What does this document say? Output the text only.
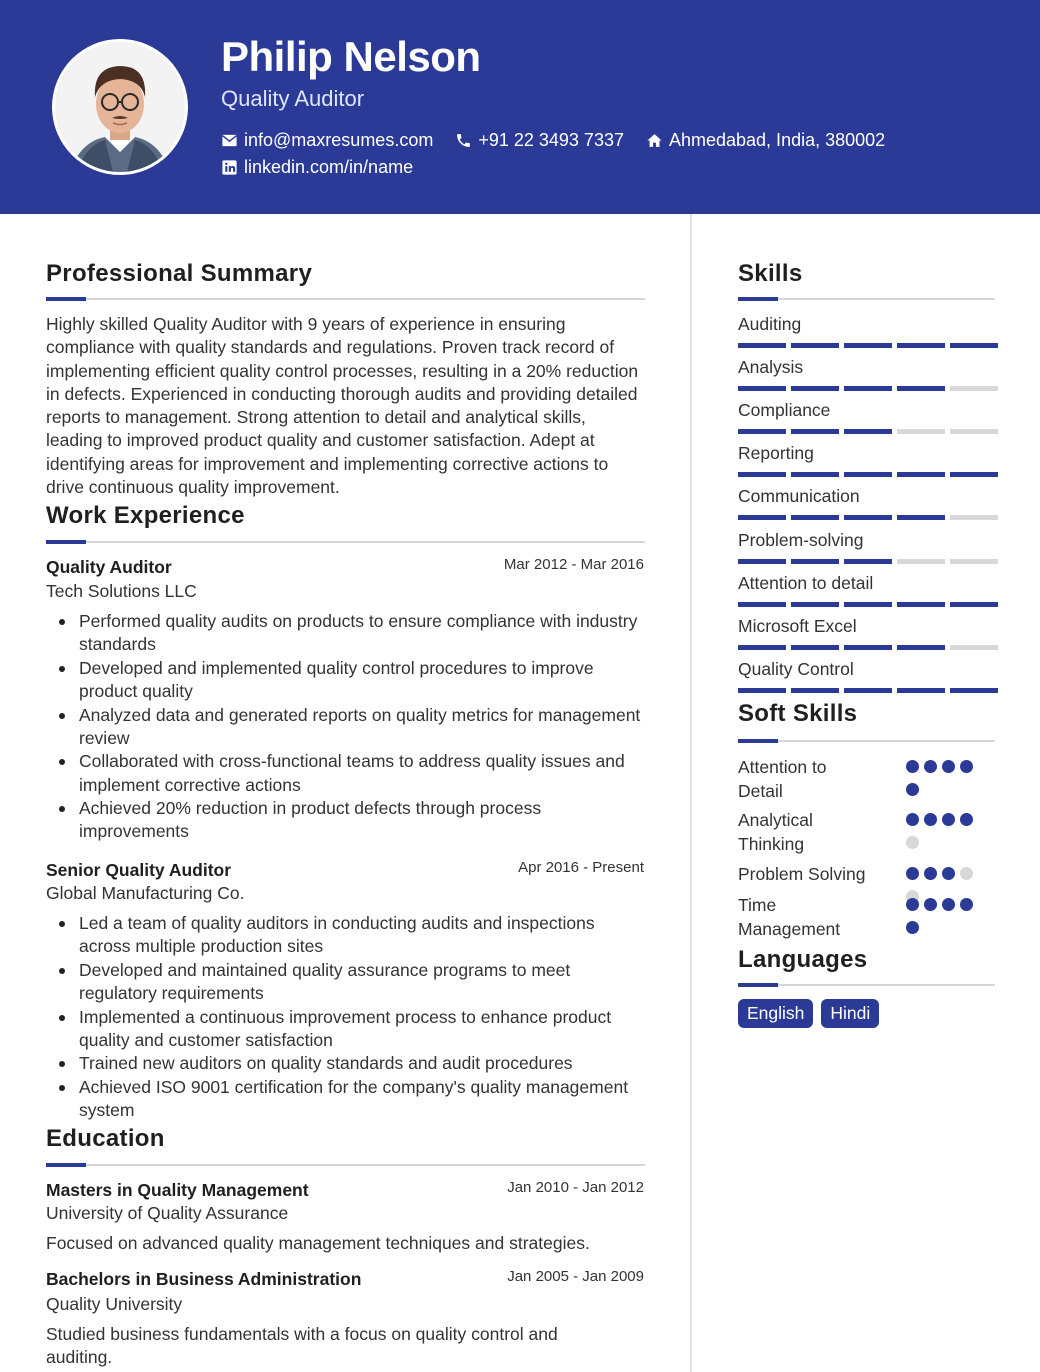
Philip Nelson
Quality Auditor
info@maxresumes.com	+91 22 3493 7337	Ahmedabad, India, 380002
linkedin.com/in/name
Professional Summary
Highly skilled Quality Auditor with 9 years of experience in ensuring compliance with quality standards and regulations. Proven track record of implementing efficient quality control processes, resulting in a 20% reduction in defects. Experienced in conducting thorough audits and providing detailed reports to management. Strong attention to detail and analytical skills, leading to improved product quality and customer satisfaction. Adept at identifying areas for improvement and implementing corrective actions to drive continuous quality improvement.
Work Experience
Quality Auditor	Mar 2012 - Mar 2016
Tech Solutions LLC
Performed quality audits on products to ensure compliance with industry standards
Developed and implemented quality control procedures to improve product quality
Analyzed data and generated reports on quality metrics for management review
Collaborated with cross-functional teams to address quality issues and implement corrective actions
Achieved 20% reduction in product defects through process improvements
Senior Quality Auditor	Apr 2016 - Present
Global Manufacturing Co.
Led a team of quality auditors in conducting audits and inspections across multiple production sites
Developed and maintained quality assurance programs to meet regulatory requirements
Implemented a continuous improvement process to enhance product quality and customer satisfaction
Trained new auditors on quality standards and audit procedures
Achieved ISO 9001 certification for the company's quality management system
Education
Masters in Quality Management	Jan 2010 - Jan 2012
University of Quality Assurance
Focused on advanced quality management techniques and strategies.
Bachelors in Business Administration	Jan 2005 - Jan 2009
Quality University
Studied business fundamentals with a focus on quality control and auditing.
Skills
Auditing
Analysis
Compliance
Reporting
Communication
Problem-solving
Attention to detail
Microsoft Excel
Quality Control
Soft Skills
Attention to Detail
Analytical Thinking
Problem Solving
Time Management
Languages
English	Hindi
